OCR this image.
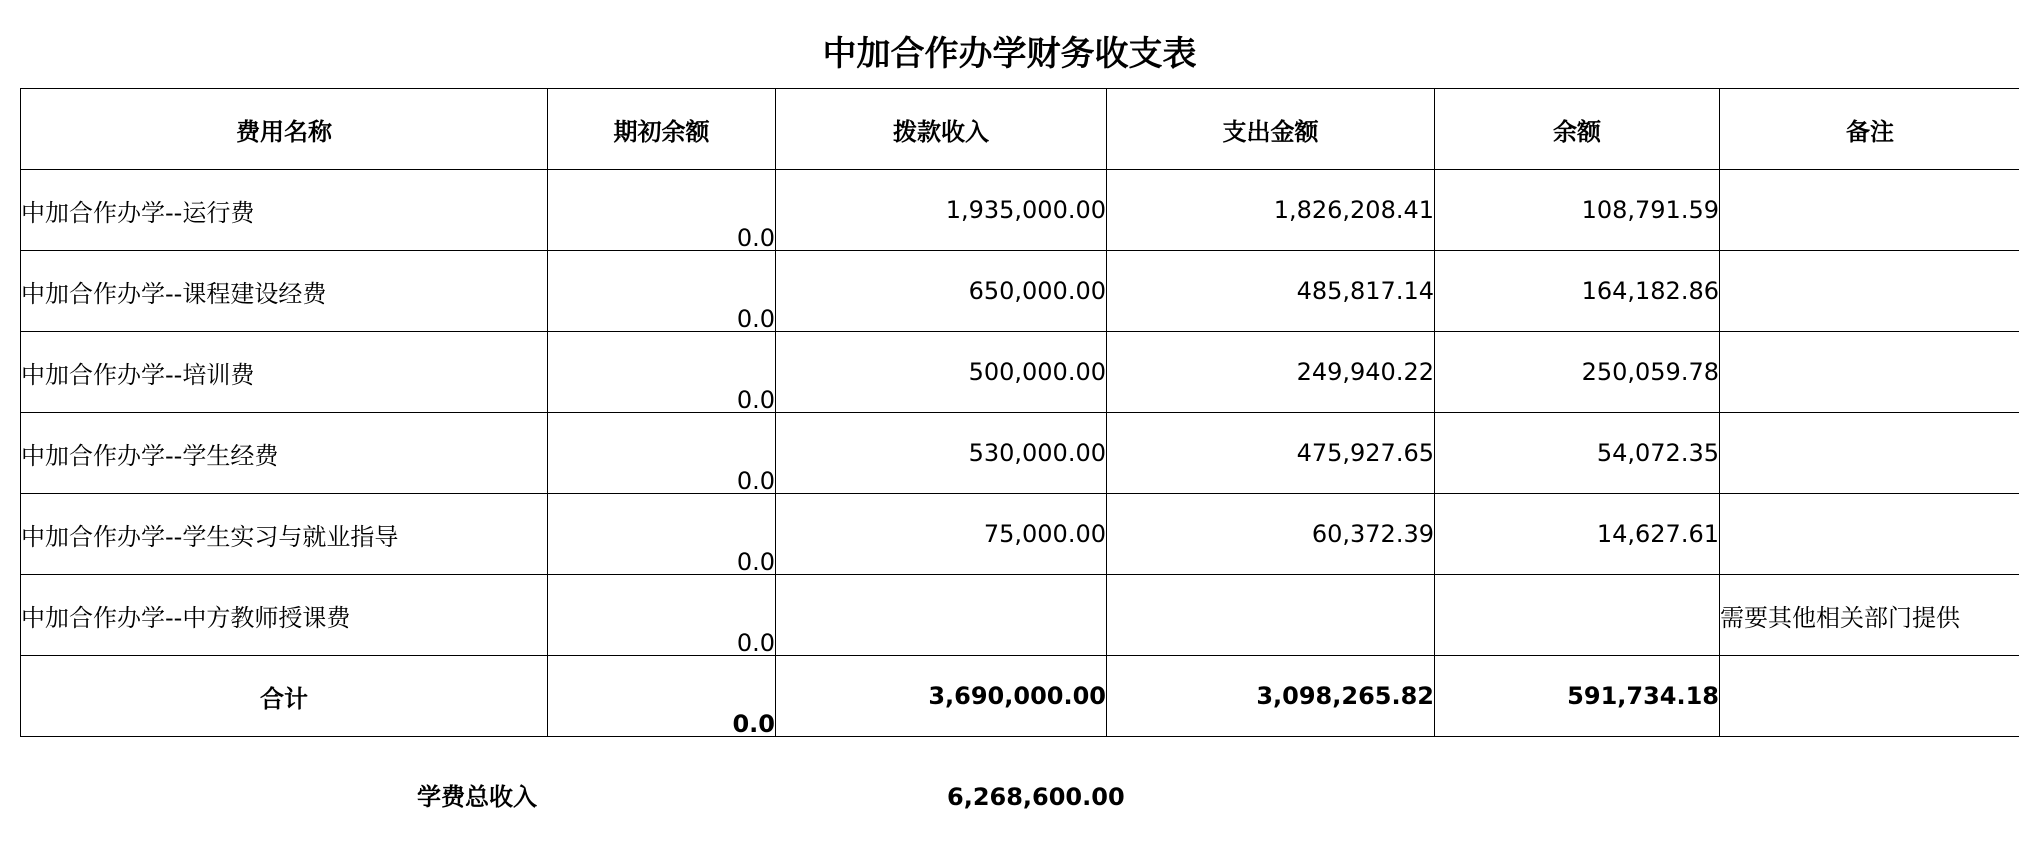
中加合作办学财务收支表
费用名称	期初余额	拨款收入	支出金额	余额	备注
中加合作办学--运行费	0.0	1,935,000.00	1,826,208.41	108,791.59	
中加合作办学--课程建设经费	0.0	650,000.00	485,817.14	164,182.86	
中加合作办学--培训费	0.0	500,000.00	249,940.22	250,059.78	
中加合作办学--学生经费	0.0	530,000.00	475,927.65	54,072.35	
中加合作办学--学生实习与就业指导	0.0	75,000.00	60,372.39	14,627.61	
中加合作办学--中方教师授课费	0.0				需要其他相关部门提供
合计	0.0	3,690,000.00	3,098,265.82	591,734.18	
学费总收入	6,268,600.00
